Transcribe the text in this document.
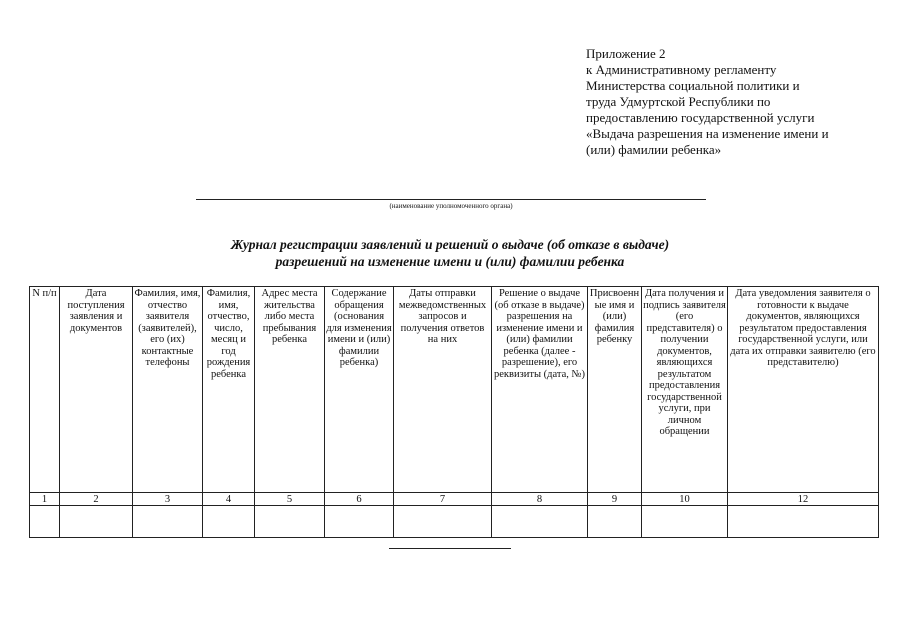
Приложение 2
к Административному регламенту
Министерства социальной политики и
труда Удмуртской Республики по
предоставлению государственной услуги
«Выдача разрешения на изменение имени и
(или) фамилии ребенка»
(наименование уполномоченного органа)
Журнал регистрации заявлений и решений о выдаче (об отказе в выдаче)
разрешений на изменение имени и (или) фамилии ребенка
N п/п	Дата поступления заявления и документов	Фамилия, имя, отчество заявителя (заявителей), его (их) контактные телефоны	Фамилия, имя, отчество, число, месяц и год рождения ребенка	Адрес места жительства либо места пребывания ребенка	Содержание обращения (основания для изменения имени и (или) фамилии ребенка)	Даты отправки межведомственных запросов и получения ответов на них	Решение о выдаче (об отказе в выдаче) разрешения на изменение имени и (или) фамилии ребенка (далее - разрешение), его реквизиты (дата, №)	Присвоенные имя и (или) фамилия ребенку	Дата получения и подпись заявителя (его представителя) о получении документов, являющихся результатом предоставления государственной услуги, при личном обращении	Дата уведомления заявителя о готовности к выдаче документов, являющихся результатом предоставления государственной услуги, или дата их отправки заявителю (его представителю)
1	2	3	4	5	6	7	8	9	10	12
